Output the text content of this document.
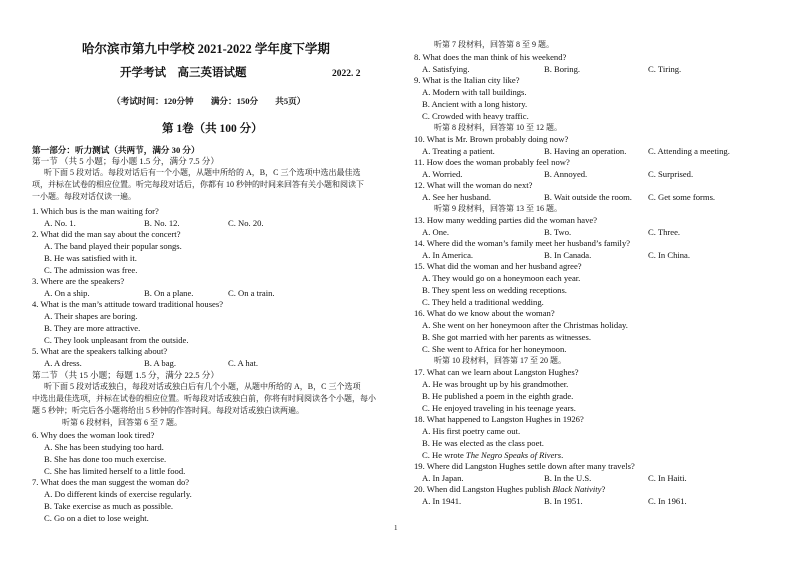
哈尔滨市第九中学校 2021-2022 学年度下学期
开学考试　高三英语试题	2022. 2
（考试时间：120分钟　　满分：150分　　共5页）
第 1卷（共 100 分）
第一部分：听力测试（共两节，满分 30 分）
第一节 （共 5 小题；每小题 1.5 分，满分 7.5 分）
听下面 5 段对话。每段对话后有一个小题，从题中所给的 A，B，C 三个选项中选出最佳选
项，并标在试卷的相应位置。听完每段对话后，你都有 10 秒钟的时间来回答有关小题和阅读下
一小题。每段对话仅读一遍。
1. Which bus is the man waiting for?
A. No. 1.	B. No. 12.	C. No. 20.
2. What did the man say about the concert?
A. The band played their popular songs.
B. He was satisfied with it.
C. The admission was free.
3. Where are the speakers?
A. On a ship.	B. On a plane.	C. On a train.
4. What is the man’s attitude toward traditional houses?
A. Their shapes are boring.
B. They are more attractive.
C. They look unpleasant from the outside.
5. What are the speakers talking about?
A. A dress.	B. A bag.	C. A hat.
第二节 （共 15 小题；每题 1.5 分，满分 22.5 分）
听下面 5 段对话或独白，每段对话或独白后有几个小题，从题中所给的 A，B，C 三个选项
中选出最佳选项，并标在试卷的相应位置。听每段对话或独白前，你将有时间阅读各个小题，每小
题 5 秒钟；听完后各小题将给出 5 秒钟的作答时间。每段对话或独白读两遍。
听第 6 段材料，回答第 6 至 7 题。
6. Why does the woman look tired?
A. She has been studying too hard.
B. She has done too much exercise.
C. She has limited herself to a little food.
7. What does the man suggest the woman do?
A. Do different kinds of exercise regularly.
B. Take exercise as much as possible.
C. Go on a diet to lose weight.
听第 7 段材料，回答第 8 至 9 题。
8. What does the man think of his weekend?
A. Satisfying.	B. Boring.	C. Tiring.
9. What is the Italian city like?
A. Modern with tall buildings.
B. Ancient with a long history.
C. Crowded with heavy traffic.
听第 8 段材料，回答第 10 至 12 题。
10. What is Mr. Brown probably doing now?
A. Treating a patient.	B. Having an operation.	C. Attending a meeting.
11. How does the woman probably feel now?
A. Worried.	B. Annoyed.	C. Surprised.
12. What will the woman do next?
A. See her husband.	B. Wait outside the room. C. Get some forms.
听第 9 段材料，回答第 13 至 16 题。
13. How many wedding parties did the woman have?
A. One.	B. Two.	C. Three.
14. Where did the woman’s family meet her husband’s family?
A. In America.	B. In Canada.	C. In China.
15. What did the woman and her husband agree?
A. They would go on a honeymoon each year.
B. They spent less on wedding receptions.
C. They held a traditional wedding.
16. What do we know about the woman?
A. She went on her honeymoon after the Christmas holiday.
B. She got married with her parents as witnesses.
C. She went to Africa for her honeymoon.
听第 10 段材料，回答第 17 至 20 题。
17. What can we learn about Langston Hughes?
A. He was brought up by his grandmother.
B. He published a poem in the eighth grade.
C. He enjoyed traveling in his teenage years.
18. What happened to Langston Hughes in 1926?
A. His first poetry came out.
B. He was elected as the class poet.
C. He wrote The Negro Speaks of Rivers.
19. Where did Langston Hughes settle down after many travels?
A. In Japan.	B. In the U.S.	C. In Haiti.
20. When did Langston Hughes publish Black Nativity?
A. In 1941.	B. In 1951.	C. In 1961.
1
